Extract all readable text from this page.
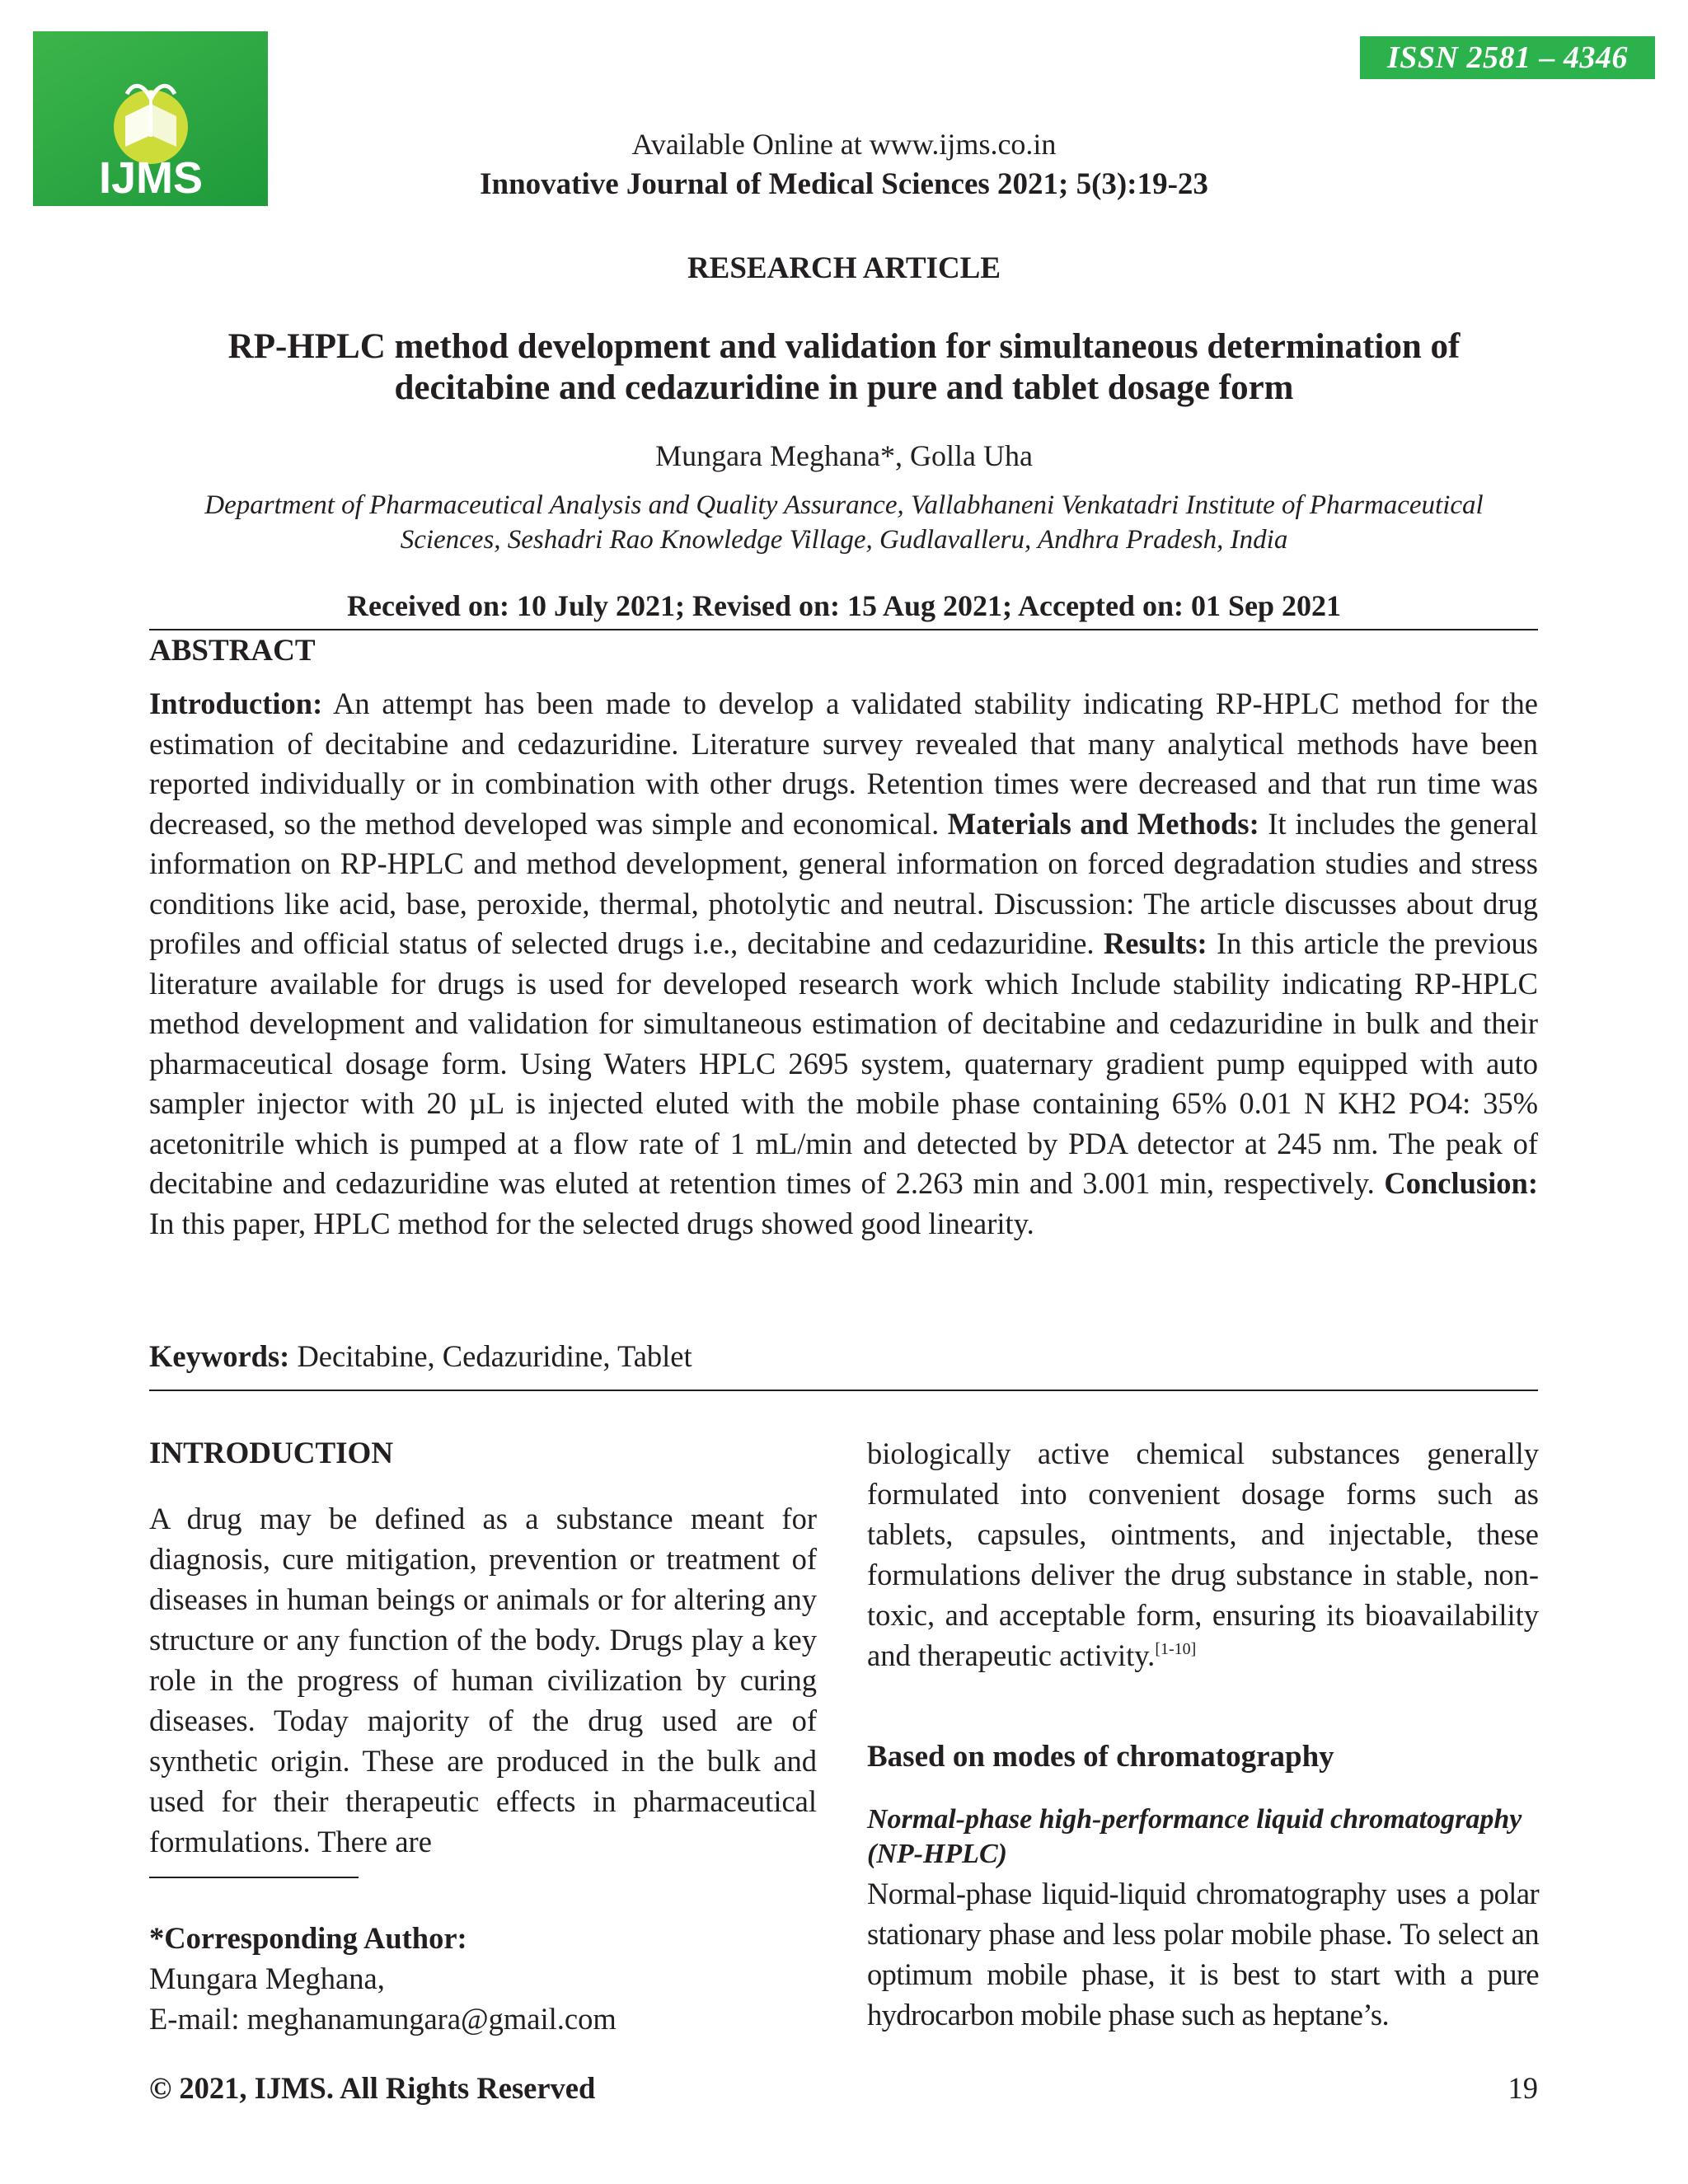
IJMS
ISSN 2581 – 4346
Available Online at www.ijms.co.in
Innovative Journal of Medical Sciences 2021; 5(3):19-23
RESEARCH ARTICLE
RP-HPLC method development and validation for simultaneous determination of decitabine and cedazuridine in pure and tablet dosage form
Mungara Meghana*, Golla Uha
Department of Pharmaceutical Analysis and Quality Assurance, Vallabhaneni Venkatadri Institute of Pharmaceutical Sciences, Seshadri Rao Knowledge Village, Gudlavalleru, Andhra Pradesh, India
Received on: 10 July 2021; Revised on: 15 Aug 2021; Accepted on: 01 Sep 2021
ABSTRACT
Introduction: An attempt has been made to develop a validated stability indicating RP-HPLC method for the estimation of decitabine and cedazuridine. Literature survey revealed that many analytical methods have been reported individually or in combination with other drugs. Retention times were decreased and that run time was decreased, so the method developed was simple and economical. Materials and Methods: It includes the general information on RP-HPLC and method development, general information on forced degradation studies and stress conditions like acid, base, peroxide, thermal, photolytic and neutral. Discussion: The article discusses about drug profiles and official status of selected drugs i.e., decitabine and cedazuridine. Results: In this article the previous literature available for drugs is used for developed research work which Include stability indicating RP-HPLC method development and validation for simultaneous estimation of decitabine and cedazuridine in bulk and their pharmaceutical dosage form. Using Waters HPLC 2695 system, quaternary gradient pump equipped with auto sampler injector with 20 µL is injected eluted with the mobile phase containing 65% 0.01 N KH2 PO4: 35% acetonitrile which is pumped at a flow rate of 1 mL/min and detected by PDA detector at 245 nm. The peak of decitabine and cedazuridine was eluted at retention times of 2.263 min and 3.001 min, respectively. Conclusion: In this paper, HPLC method for the selected drugs showed good linearity.
Keywords: Decitabine, Cedazuridine, Tablet
INTRODUCTION
A drug may be defined as a substance meant for diagnosis, cure mitigation, prevention or treatment of diseases in human beings or animals or for altering any structure or any function of the body. Drugs play a key role in the progress of human civilization by curing diseases. Today majority of the drug used are of synthetic origin. These are produced in the bulk and used for their therapeutic effects in pharmaceutical formulations. There are
*Corresponding Author:
Mungara Meghana,
E-mail: meghanamungara@gmail.com
biologically active chemical substances generally formulated into convenient dosage forms such as tablets, capsules, ointments, and injectable, these formulations deliver the drug substance in stable, non-toxic, and acceptable form, ensuring its bioavailability and therapeutic activity.[1-10]
Based on modes of chromatography
Normal-phase high-performance liquid chromatography (NP-HPLC)
Normal-phase liquid-liquid chromatography uses a polar stationary phase and less polar mobile phase. To select an optimum mobile phase, it is best to start with a pure hydrocarbon mobile phase such as heptane’s.
© 2021, IJMS. All Rights Reserved	19
